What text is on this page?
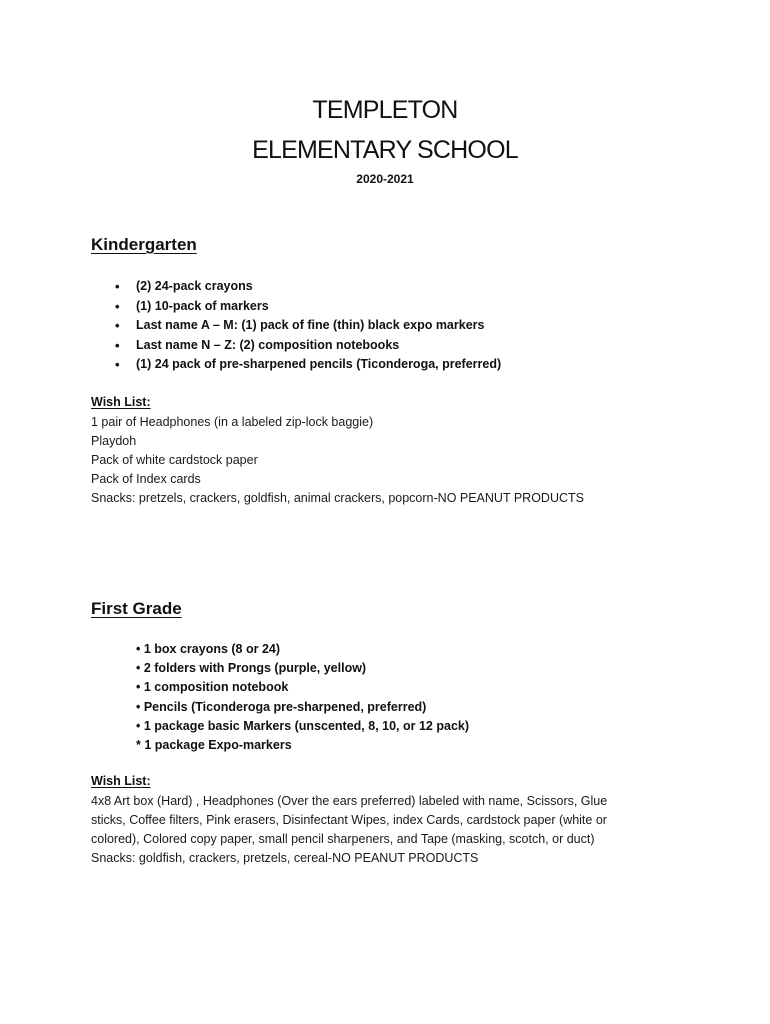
TEMPLETON
ELEMENTARY SCHOOL
2020-2021
Kindergarten
• (2) 24-pack crayons
• (1) 10-pack of markers
• Last name A – M: (1) pack of fine (thin) black expo markers
• Last name N – Z: (2) composition notebooks
• (1) 24 pack of pre-sharpened pencils (Ticonderoga, preferred)
Wish List:
1 pair of Headphones (in a labeled zip-lock baggie)
Playdoh
Pack of white cardstock paper
Pack of Index cards
Snacks: pretzels, crackers, goldfish, animal crackers, popcorn-NO PEANUT PRODUCTS
First Grade
• 1 box crayons (8 or 24)
• 2 folders with Prongs (purple, yellow)
• 1 composition notebook
• Pencils (Ticonderoga pre-sharpened, preferred)
• 1 package basic Markers (unscented, 8, 10, or 12 pack)
* 1 package Expo-markers
Wish List:
4x8 Art box (Hard) , Headphones (Over the ears preferred) labeled with name, Scissors, Glue
sticks, Coffee filters, Pink erasers, Disinfectant Wipes, index Cards, cardstock paper (white or
colored), Colored copy paper, small pencil sharpeners, and Tape (masking, scotch, or duct)
Snacks: goldfish, crackers, pretzels, cereal-NO PEANUT PRODUCTS
